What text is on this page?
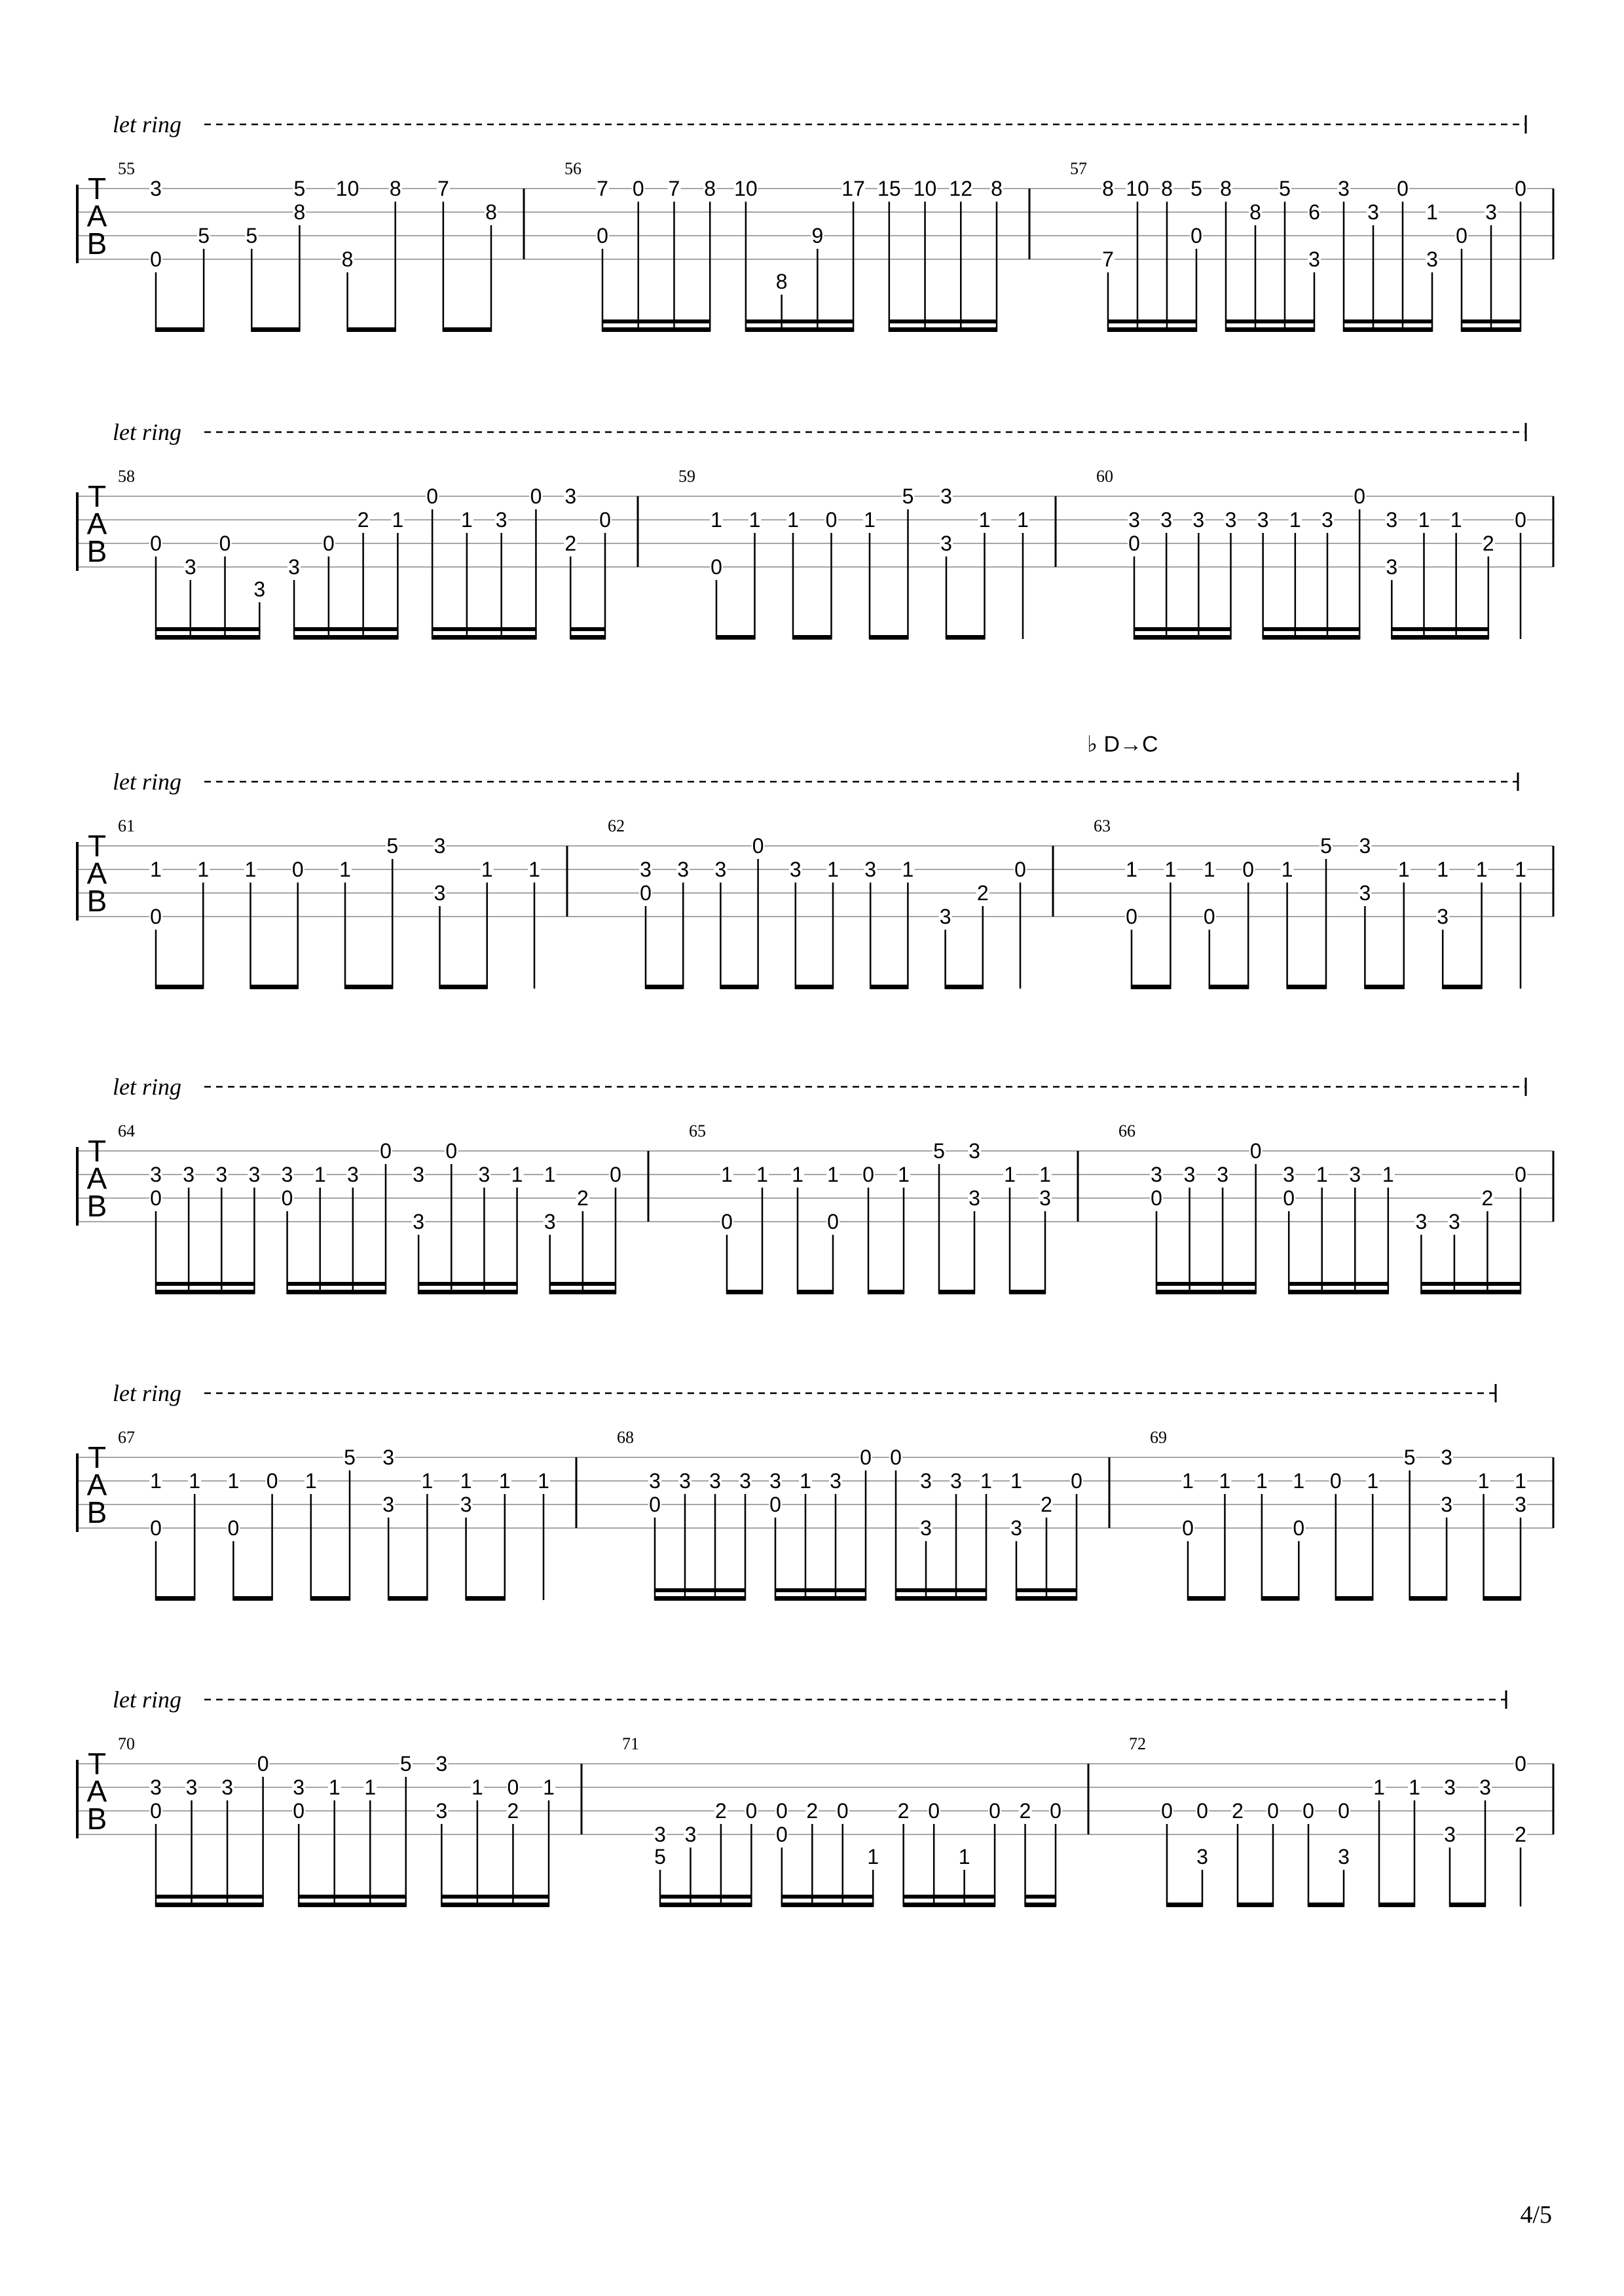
let ring
T
A
B
55
3
0
5 5
5
8
10
8
8 7
8
56
7
0
0 7 8 10
8
9
17 15 10 12 8
57
8
7
10 8 5
0
8
8
5
6
3
3
3
0
1
3
0
3
0
let ring
T
A
B
58
0
3
0
3
3
0
2 1
0
1 3
0 3
2
0
59
1
0
1 1 0 1
5 3
3
1 1
60
3
0
3 3 3 3 1 3
0
3
3
1 1
2
0
let ring
T
A
B
61
1
0
1 1 0 1
5 3
3
1 1
62
3
0
3 3
0
3 1 3 1
3
2
0
63
1
0
1 1
0
0 1
5 3
3
1 1
3
1 1
let ring
T
A
B
64
3
0
3 3 3 3
0
1 3
0
3
3
0
3 1 1
3
2
0
65
1
0
1 1 1
0
0 1
5 3
3
1 1
3
66
3
0
3 3
0
3
0
1 3 1
3 3
2
0
let ring
T
A
B
67
1
0
1 1
0
0 1
5 3
3
1 1
3
1 1
68
3
0
3 3 3 3
0
1 3
0 0
3
3
3 1 1
3
2
0
69
1
0
1 1 1
0
0 1
5 3
3
1 1
3
let ring
T
A
B
70
3
0
3 3
0
3
0
1 1
5 3
3
1 0
2
1
71
3
5
3
2 0 0
0
2 0
1
2 0
1
0 2 0
72
0 0
3
2 0 0 0
3
1 1 3
3
3
0
2
♭ D→C
4/5
